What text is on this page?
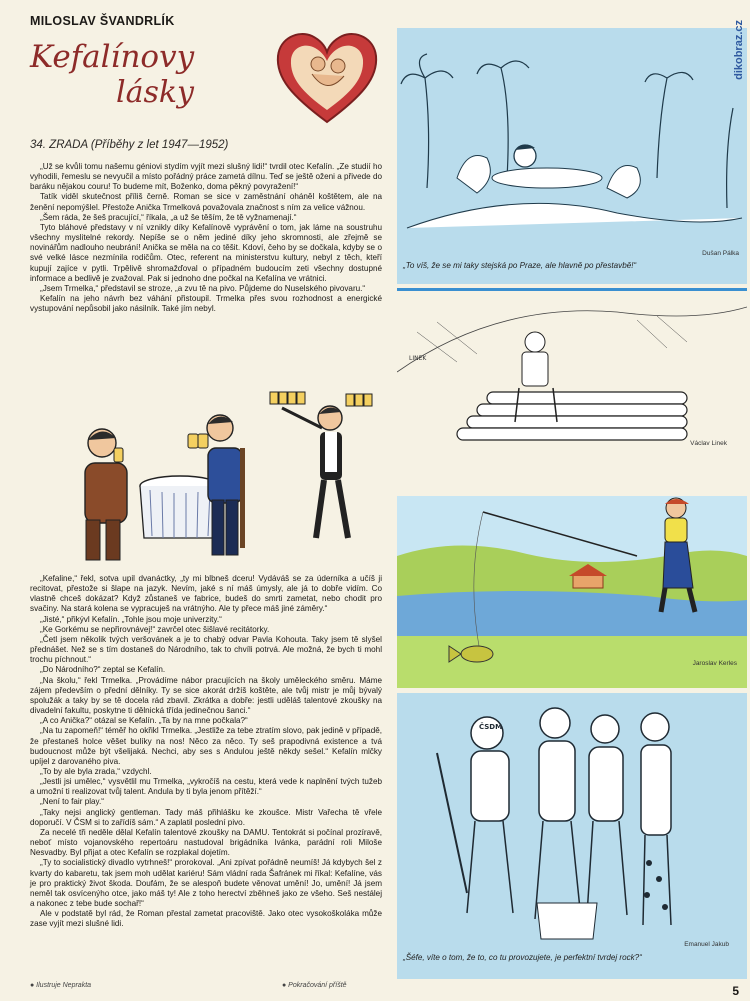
MILOSLAV ŠVANDRLÍK
Kefalínovy
lásky
34. ZRADA (Příběhy z let 1947—1952)

„Už se kvůli tomu našemu géniovi stydím vyjít mezi slušný lidi!“ tvrdil otec Kefalín. „Ze studií ho vyhodili, řemeslu se nevyučil a místo pořádný práce zametá dílnu. Teď se ještě oženi a přivede do baráku nějakou couru! To budeme mít, Boženko, doma pěkný povyražení!“

Tatík viděl skutečnost příliš černě. Roman se sice v zaměstnání oháněl koštětem, ale na ženění nepomýšlel. Přestože Anička Trmelková považovala značnost s ním za velice vážnou.

„Šem ráda, že šeš pracující,“ říkala, „a už še těším, že tě vyžnamenají.“

Tyto bláhové představy v ní vznikly díky Kefalínově vyprávění o tom, jak láme na soustruhu všechny myslitelné rekordy. Nepíše se o něm jediné díky jeho skromnosti, ale zřejmě se novinářům nadlouho neubrání! Anička se měla na co těšit. Kdoví, čeho by se dočkala, kdyby se o své velké lásce nezmínila rodičům. Otec, referent na ministerstvu kultury, nebyl z těch, kteří kupují zajíce v pytli. Trpělivě shromažďoval o případném budoucím zeti všechny dostupné informace a bedlivě je zvažoval. Pak si jednoho dne počkal na Kefalína ve vrátnici.

„Jsem Trmelka,“ představil se stroze, „a zvu tě na pivo. Půjdeme do Nuselského pivovaru.“

Kefalín na jeho návrh bez váhání přistoupil. Trmelka přes svou rozhodnost a energické vystupování nepůsobil jako násilník. Také jím nebyl.

„Kefaline,“ řekl, sotva upil dvanáctky, „ty mi blbneš dceru! Vydáváš se za úderníka a učíš ji recitovat, přestože si šlape na jazyk. Nevím, jaké s ní máš úmysly, ale já to dobře vidím. Co vlastně chceš dokázat? Když zůstaneš ve fabrice, budeš do smrti zametat, nebo chodit pro svačiny. Na stará kolena se vypracuješ na vrátnýho. Ale ty přece máš jiné záměry.“

„Jisté,“ přikývl Kefalín. „Tohle jsou moje univerzity.“

„Ke Gorkému se nepřirovnávej!“ zavrčel otec šišlavé recitátorky.

„Četl jsem několik tvých veršovánek a je to chabý odvar Pavla Kohouta. Taky jsem tě slyšel přednášet. Než se s tím dostaneš do Národního, tak to chvíli potrvá. Ale možná, že bych ti mohl trochu píchnout.“

„Do Národního?“ zeptal se Kefalín.

„Na školu,“ řekl Trmelka. „Provádíme nábor pracujících na školy uměleckého směru. Máme zájem především o přední dělníky. Ty se sice akorát držíš koštěte, ale tvůj mistr je můj bývalý spolužák a taky by se tě docela rád zbavil. Zkrátka a dobře: jestli uděláš talentové zkoušky na divadelní fakultu, poskytne ti dělnická třída jedinečnou šanci.“

„A co Anička?“ otázal se Kefalín. „Ta by na mne počkala?“

„Na tu zapomeň!“ téměř ho okřikl Trmelka. „Jestliže za tebe ztratím slovo, pak jedině v případě, že přestaneš holce věšet bulíky na nos! Něco za něco. Ty seš prapodivná existence a tvá budoucnost může být všelijaká. Nechci, aby ses s Andulou ještě někdy sešel.“ Kefalín mlčky upíjel z darovaného piva.

„To by ale byla zrada,“ vzdychl.

„Jestli jsi umělec,“ vysvětlil mu Trmelka, „vykročíš na cestu, která vede k naplnění tvých tužeb a umožní ti realizovat tvůj talent. Andula by ti byla jenom přítěží.“

„Není to fair play.“

„Taky nejsi anglický gentleman. Tady máš přihlášku ke zkoušce. Mistr Vařecha tě vřele doporučí. V ČSM si to zařídíš sám.“ A zaplatil poslední pivo.

Za necelé tři neděle dělal Kefalín talentové zkoušky na DAMU. Tentokrát si počínal prozíravě, neboť místo vojanovského repertoáru nastudoval brigádníka Ivánka, parádní roli Miloše Nesvadby. Byl přijat a otec Kefalín se rozplakal dojetím.

„Ty to socialistický divadlo vytrhneš!“ prorokoval. „Ani zpívat pořádně neumíš! Já kdybych šel z kvarty do kabaretu, tak jsem moh udělat kariéru! Sám vládní rada Šafránek mi říkal: Kefalíne, vás je pro praktický život škoda. Doufám, že se alespoň budete věnovat umění! Jo, umění! Já jsem neměl tak osvícenýho otce, jako máš ty! Ale z toho herectví zběhneš jako ze všeho. Seš nestálej a nakonec z tebe bude sochař!“

Ale v podstatě byl rád, že Roman přestal zametat pracoviště. Jako otec vysokoškoláka může zase vyjít mezi slušné lidi.

● Ilustruje Neprakta	● Pokračování příště
Dušan Pálka
„To víš, že se mi taky stejská po Praze, ale hlavně po přestavbě!“
LINEK
Václav Linek
Jaroslav Kerles
ČSDM
Emanuel Jakub
„Šéfe, víte o tom, že to, co tu provozujete, je perfektní tvrdej rock?“
dikobraz.cz
5
